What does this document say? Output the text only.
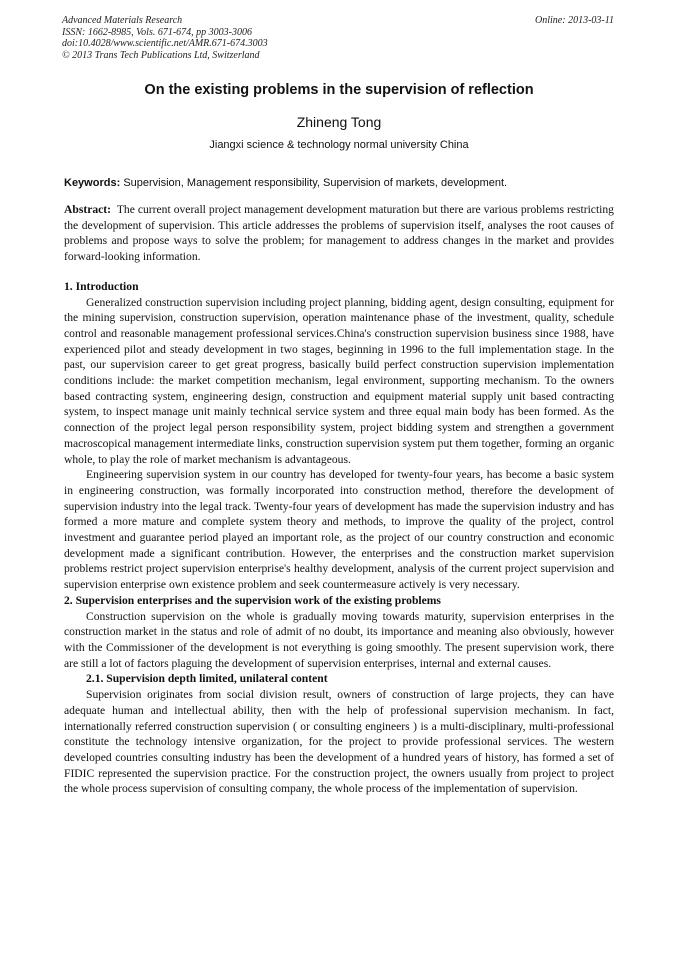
Advanced Materials Research
ISSN: 1662-8985, Vols. 671-674, pp 3003-3006
doi:10.4028/www.scientific.net/AMR.671-674.3003
© 2013 Trans Tech Publications Ltd, Switzerland
Online: 2013-03-11
On the existing problems in the supervision of reflection
Zhineng Tong
Jiangxi science & technology normal university China
Keywords: Supervision, Management responsibility, Supervision of markets, development.

Abstract: The current overall project management development maturation but there are various problems restricting the development of supervision. This article addresses the problems of supervision itself, analyses the root causes of problems and propose ways to solve the problem; for management to address changes in the market and provides forward-looking information.

1. Introduction

Generalized construction supervision including project planning, bidding agent, design consulting, equipment for the mining supervision, construction supervision, operation maintenance phase of the investment, quality, schedule control and reasonable management professional services.China's construction supervision business since 1988, have experienced pilot and steady development in two stages, beginning in 1996 to the full implementation stage. In the past, our supervision career to get great progress, basically build perfect construction supervision implementation conditions include: the market competition mechanism, legal environment, supporting mechanism. To the owners based contracting system, engineering design, construction and equipment material supply unit based contracting system, to inspect manage unit mainly technical service system and three equal main body has been formed. As the connection of the project legal person responsibility system, project bidding system and strengthen a government macroscopical management intermediate links, construction supervision system put them together, forming an organic whole, to play the role of market mechanism is advantageous.

Engineering supervision system in our country has developed for twenty-four years, has become a basic system in engineering construction, was formally incorporated into construction method, therefore the development of supervision industry into the legal track. Twenty-four years of development has made the supervision industry and has formed a more mature and complete system theory and methods, to improve the quality of the project, control investment and guarantee period played an important role, as the project of our country construction and economic development made a significant contribution. However, the enterprises and the construction market supervision problems restrict project supervision enterprise's healthy development, analysis of the current project supervision and supervision enterprise own existence problem and seek countermeasure actively is very necessary.

2. Supervision enterprises and the supervision work of the existing problems

Construction supervision on the whole is gradually moving towards maturity, supervision enterprises in the construction market in the status and role of admit of no doubt, its importance and meaning also obviously, however with the Commissioner of the development is not everything is going smoothly. The present supervision work, there are still a lot of factors plaguing the development of supervision enterprises, internal and external causes.

2.1. Supervision depth limited, unilateral content

Supervision originates from social division result, owners of construction of large projects, they can have adequate human and intellectual ability, then with the help of professional supervision mechanism. In fact, internationally referred construction supervision ( or consulting engineers ) is a multi-disciplinary, multi-professional constitute the technology intensive organization, for the project to provide professional services. The western developed countries consulting industry has been the development of a hundred years of history, has formed a set of FIDIC represented the supervision practice. For the construction project, the owners usually from project to project the whole process supervision of consulting company, the whole process of the implementation of supervision.
